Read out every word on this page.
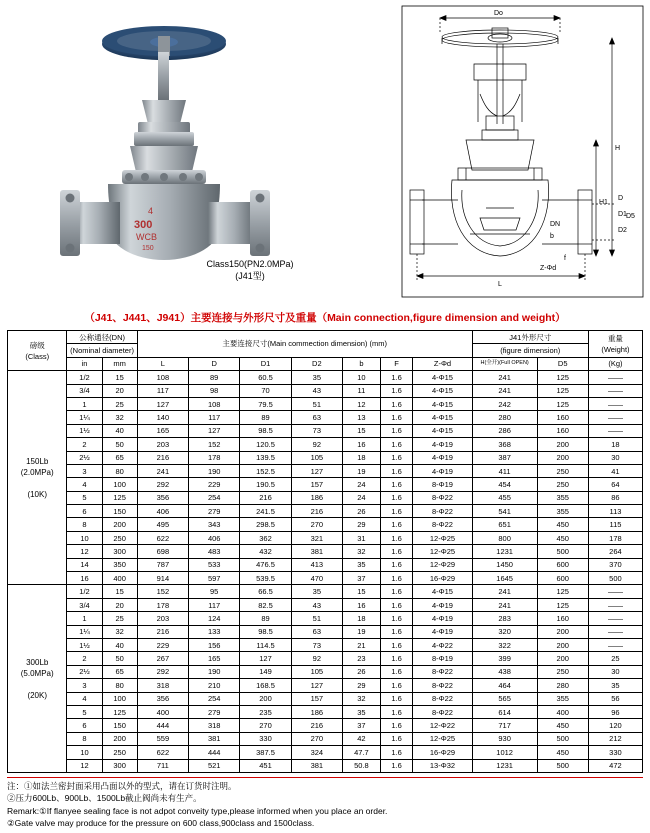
4
300
WCB
150
Class150(PN2.0MPa)
(J41型)
Do
H
H1
L
D
D1
D2
DN
b
f
Z-Φd
D5
（J41、J441、J941）主要连接与外形尺寸及重量（Main connection,figure dimension and weight）
磅级
(Class)
	公称通径(DN)	主要连接尺寸(Main commection dimension) (mm)	J41外形尺寸	重量
(Weight)

	(Nominal diameter)									(figure dimension)		
	in	mm	L	D	D1	D2	b	F	Z-Φd	H(全开)(Full OPEN)	D5	(Kg)

150Lb
(2.0MPa)

(10K)	1/2	15	108	89	60.5	35	10	1.6	4-Φ15	241	125	——
	3/4	20	117	98	70	43	11	1.6	4-Φ15	241	125	——
	1	25	127	108	79.5	51	12	1.6	4-Φ15	242	125	——
	1¼	32	140	117	89	63	13	1.6	4-Φ15	280	160	——
	1½	40	165	127	98.5	73	15	1.6	4-Φ15	286	160	——
	2	50	203	152	120.5	92	16	1.6	4-Φ19	368	200	18
	2½	65	216	178	139.5	105	18	1.6	4-Φ19	387	200	30
	3	80	241	190	152.5	127	19	1.6	4-Φ19	411	250	41
	4	100	292	229	190.5	157	24	1.6	8-Φ19	454	250	64
	5	125	356	254	216	186	24	1.6	8-Φ22	455	355	86
	6	150	406	279	241.5	216	26	1.6	8-Φ22	541	355	113
	8	200	495	343	298.5	270	29	1.6	8-Φ22	651	450	115
	10	250	622	406	362	321	31	1.6	12-Φ25	800	450	178
	12	300	698	483	432	381	32	1.6	12-Φ25	1231	500	264
	14	350	787	533	476.5	413	35	1.6	12-Φ29	1450	600	370
	16	400	914	597	539.5	470	37	1.6	16-Φ29	1645	600	500

300Lb
(5.0MPa)

(20K)	1/2	15	152	95	66.5	35	15	1.6	4-Φ15	241	125	——
	3/4	20	178	117	82.5	43	16	1.6	4-Φ19	241	125	——
	1	25	203	124	89	51	18	1.6	4-Φ19	283	160	——
	1¼	32	216	133	98.5	63	19	1.6	4-Φ19	320	200	——
	1½	40	229	156	114.5	73	21	1.6	4-Φ22	322	200	——
	2	50	267	165	127	92	23	1.6	8-Φ19	399	200	25
	2½	65	292	190	149	105	26	1.6	8-Φ22	438	250	30
	3	80	318	210	168.5	127	29	1.6	8-Φ22	464	280	35
	4	100	356	254	200	157	32	1.6	8-Φ22	565	355	56
	5	125	400	279	235	186	35	1.6	8-Φ22	614	400	96
	6	150	444	318	270	216	37	1.6	12-Φ22	717	450	120
	8	200	559	381	330	270	42	1.6	12-Φ25	930	500	212
	10	250	622	444	387.5	324	47.7	1.6	16-Φ29	1012	450	330
	12	300	711	521	451	381	50.8	1.6	13-Φ32	1231	500	472
注：①如法兰密封面采用凸面以外的型式，请在订货时注明。
②压力600Lb、900Lb、1500Lb截止阀尚未有生产。
Remark:①If flanyee sealing face is not adpot conveity type,please informed when you place an order.
②Gate valve may produce for the pressure on 600 class,900class and 1500class.
